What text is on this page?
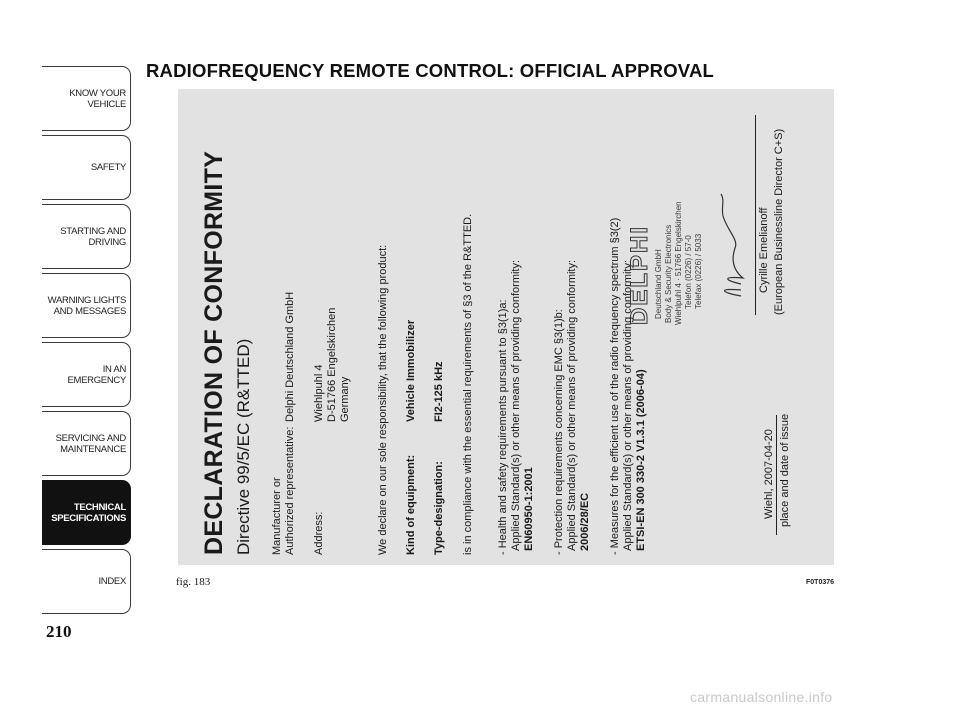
KNOW YOUR
VEHICLE
SAFETY
STARTING AND
DRIVING
WARNING LIGHTS
AND MESSAGES
IN AN EMERGENCY
SERVICING AND
MAINTENANCE
TECHNICAL
SPECIFICATIONS
INDEX
210
RADIOFREQUENCY REMOTE CONTROL: OFFICIAL APPROVAL
DECLARATION OF CONFORMITY Directive 99/5/EC (R&TTED) Manufacturer or Authorized representative:
Delphi Deutschland GmbH
Address:
Wiehlpuhl 4 D-51766 Engelskirchen Germany We declare on our sole responsibility, that the following product: Kind of equipment:
Vehicle Immobilizer
Type-designation:
FI2-125 kHz is in compliance with the essential requirements of §3 of the R&TTED. - Health and safety requirements pursuant to §3(1)a: Applied Standard(s) or other means of providing conformity: EN60950-1:2001 - Protection requirements concerning EMC §3(1)b: Applied Standard(s) or other means of providing conformity: 2006/28/EC - Measures for the efficient use of the radio frequency spectrum §3(2) Applied Standard(s) or other means of providing conformity: ETSI-EN 300 330-2 V1.3.1 (2006-04)
DELPHI Deutschland GmbH Body & Security Electronics Wiehlpuhl 4 · 51766 Engelskirchen Telefon (0226) / 57-0 Telefax (0226) / 5033
Wiehl, 2007-04-20 place and date of issue
Cyrille Emelianoff (European Businessline Director C+S)
fig. 183	F0T0376
carmanualsonline.info
